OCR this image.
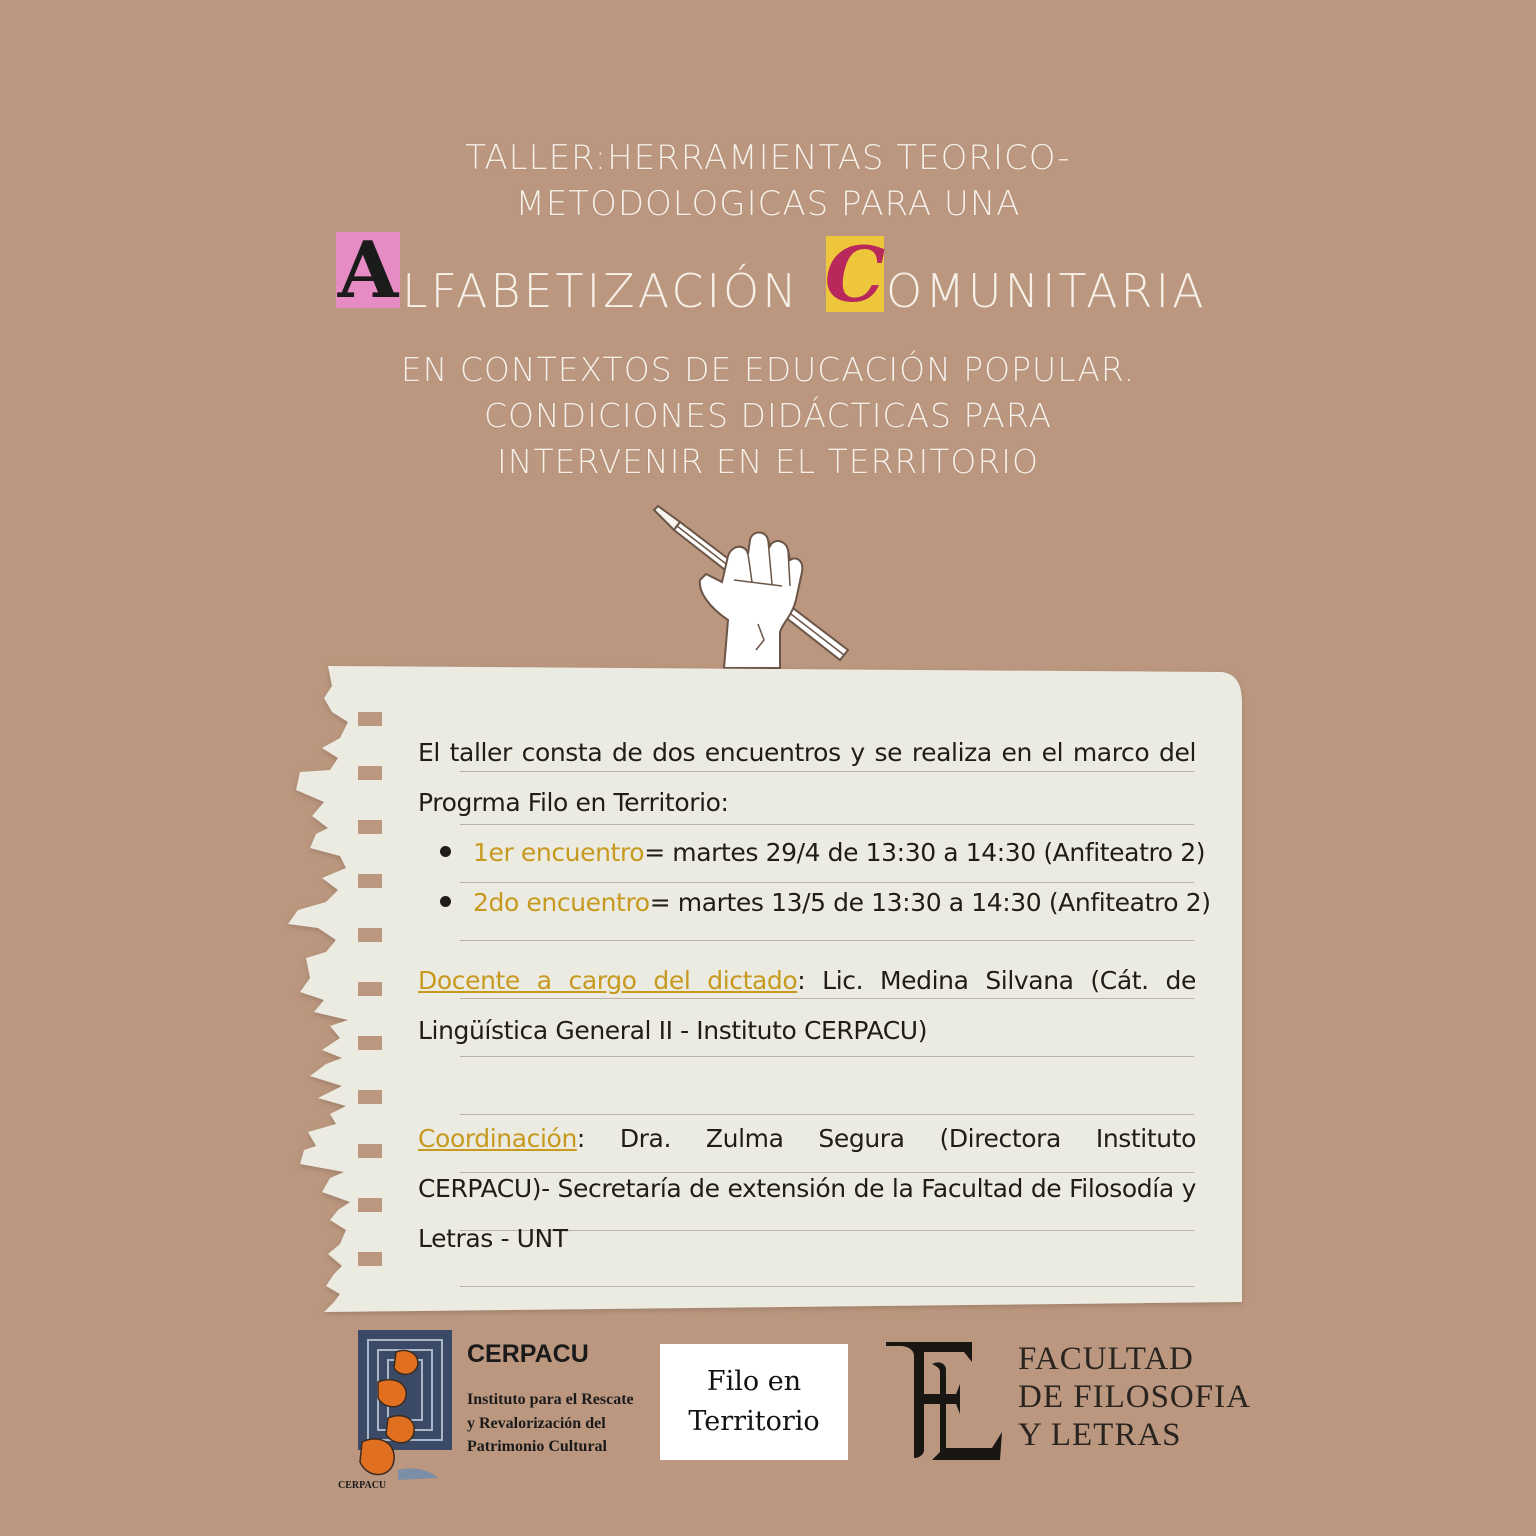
TALLER:HERRAMIENTAS TEORICO-
METODOLOGICAS PARA UNA
A LFABETIZACIÓN C OMUNITARIA
EN CONTEXTOS DE EDUCACIÓN POPULAR.
CONDICIONES DIDÁCTICAS PARA
INTERVENIR EN EL TERRITORIO
El taller consta de dos encuentros y se realiza en el marco del Progrma Filo en Territorio:
1er encuentro= martes 29/4 de 13:30 a 14:30 (Anfiteatro 2)
2do encuentro= martes 13/5 de 13:30 a 14:30 (Anfiteatro 2)
Docente a cargo del dictado: Lic. Medina Silvana (Cát. de Lingüística General II - Instituto CERPACU)
Coordinación: Dra. Zulma Segura (Directora Instituto CERPACU)- Secretaría de extensión de la Facultad de Filosodía y Letras - UNT
CERPACU
Instituto para el Rescate y Revalorización del Patrimonio Cultural
CERPACU
Filo en
Territorio
FACULTAD
DE FILOSOFIA
Y LETRAS
